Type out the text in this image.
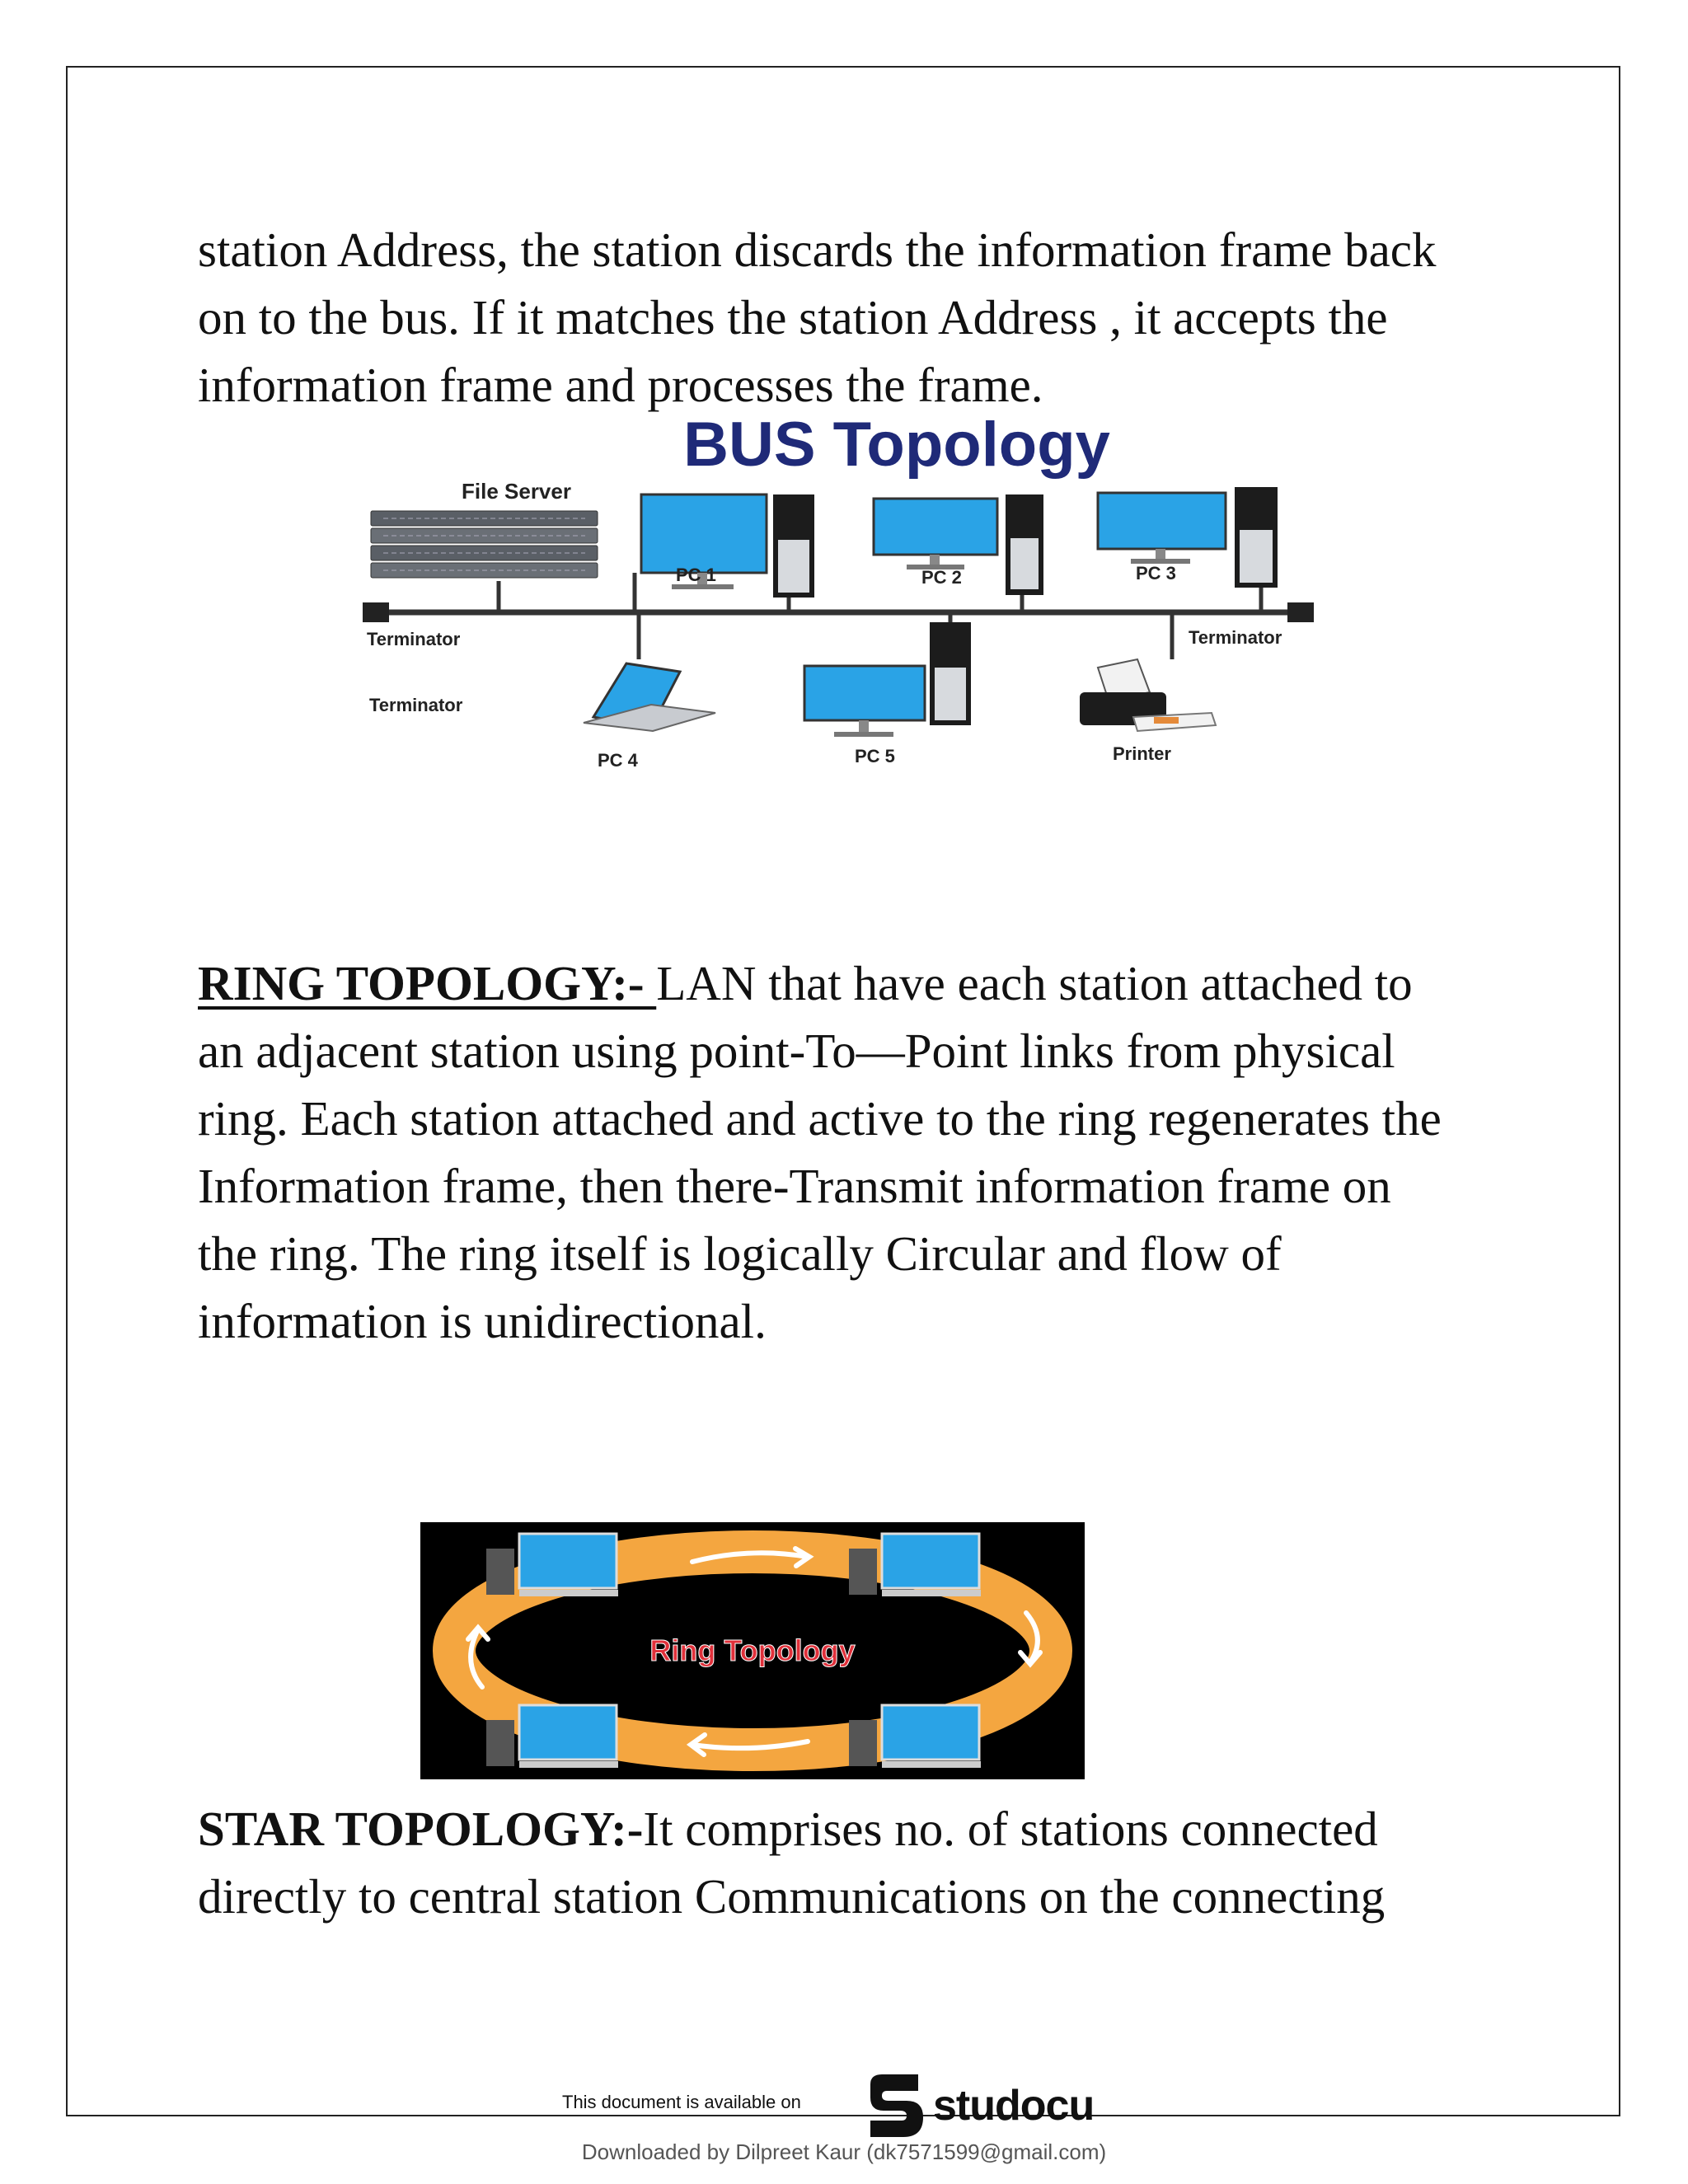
station Address, the station discards the information frame back
on to the bus. If it matches the station Address , it accepts the
information frame and processes the frame.

BUS Topology
File Server
Terminator	Terminator
Terminator
PC 1	PC 2	PC 3
PC 4	PC 5	Printer

RING TOPOLOGY:- LAN that have each station attached to
an adjacent station using point-To—Point links from physical
ring. Each station attached and active to the ring regenerates the
Information frame, then there-Transmit information frame on
the ring. The ring itself is logically Circular and flow of
information is unidirectional.

Ring Topology

STAR TOPOLOGY:-It comprises no. of stations connected
directly to central station Communications on the connecting

This document is available on	studocu
Downloaded by Dilpreet Kaur (dk7571599@gmail.com)
